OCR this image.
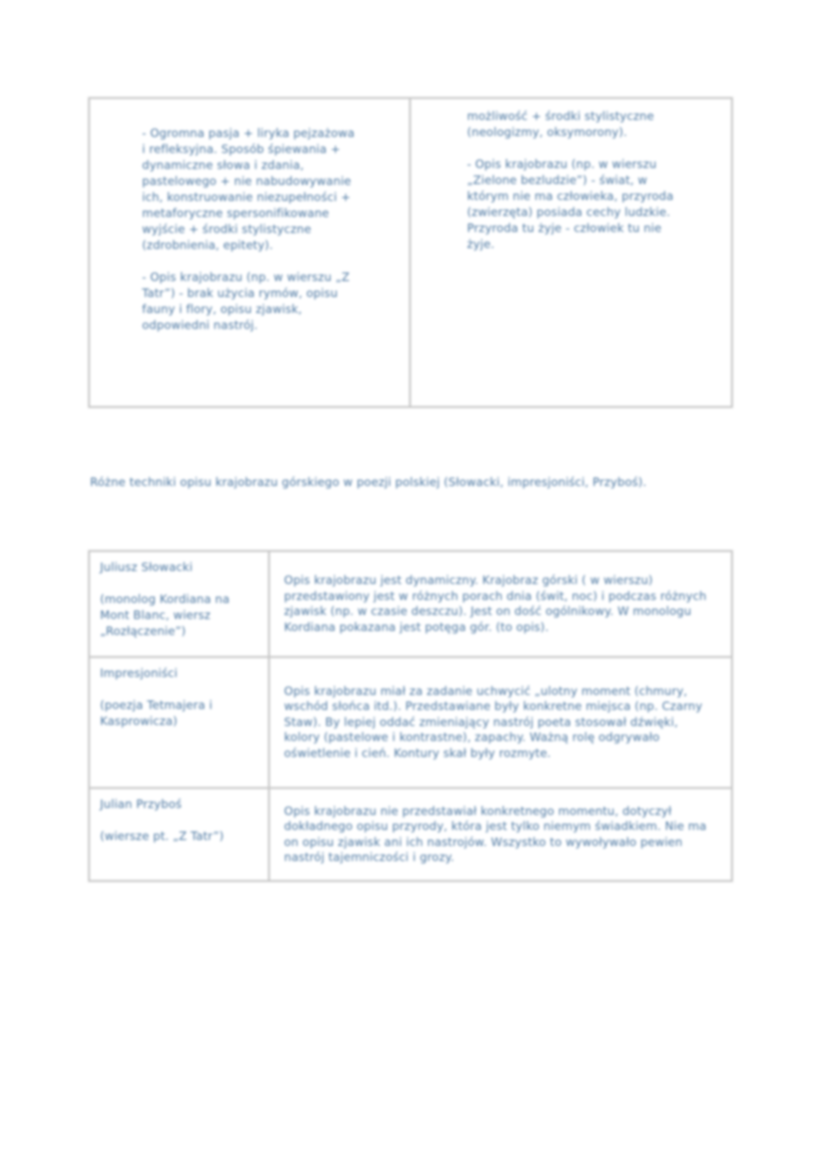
- Ogromna pasja + liryka pejzażowa i refleksyjna. Sposób śpiewania + dynamiczne słowa i zdania, pastelowego + nie nabudowywanie ich, konstruowanie niezupełności + metaforyczne spersonifikowane wyjście + środki stylistyczne (zdrobnienia, epitety).

- Opis krajobrazu (np. w wierszu „Z Tatr”) - brak użycia rymów, opisu fauny i flory, opisu zjawisk, odpowiedni nastrój.

możliwość + środki stylistyczne (neologizmy, oksymorony).

- Opis krajobrazu (np. w wierszu „Zielone bezludzie”) - świat, w którym nie ma człowieka, przyroda (zwierzęta) posiada cechy ludzkie. Przyroda tu żyje - człowiek tu nie żyje.

Różne techniki opisu krajobrazu górskiego w poezji polskiej (Słowacki, impresjoniści, Przyboś).

Juliusz Słowacki

(monolog Kordiana na Mont Blanc, wiersz „Rozłączenie”)

Opis krajobrazu jest dynamiczny. Krajobraz górski ( w wierszu) przedstawiony jest w różnych porach dnia (świt, noc) i podczas różnych zjawisk (np. w czasie deszczu). Jest on dość ogólnikowy. W monologu Kordiana pokazana jest potęga gór. (to opis).

Impresjoniści

(poezja Tetmajera i Kasprowicza)

Opis krajobrazu miał za zadanie uchwycić „ulotny moment (chmury, wschód słońca itd.). Przedstawiane były konkretne miejsca (np. Czarny Staw). By lepiej oddać zmieniający nastrój poeta stosował dźwięki, kolory (pastelowe i kontrastne), zapachy. Ważną rolę odgrywało oświetlenie i cień. Kontury skał były rozmyte.

Julian Przyboś

(wiersze pt. „Z Tatr”)

Opis krajobrazu nie przedstawiał konkretnego momentu, dotyczył dokładnego opisu przyrody, która jest tylko niemym świadkiem. Nie ma on opisu zjawisk ani ich nastrojów. Wszystko to wywoływało pewien nastrój tajemniczości i grozy.
